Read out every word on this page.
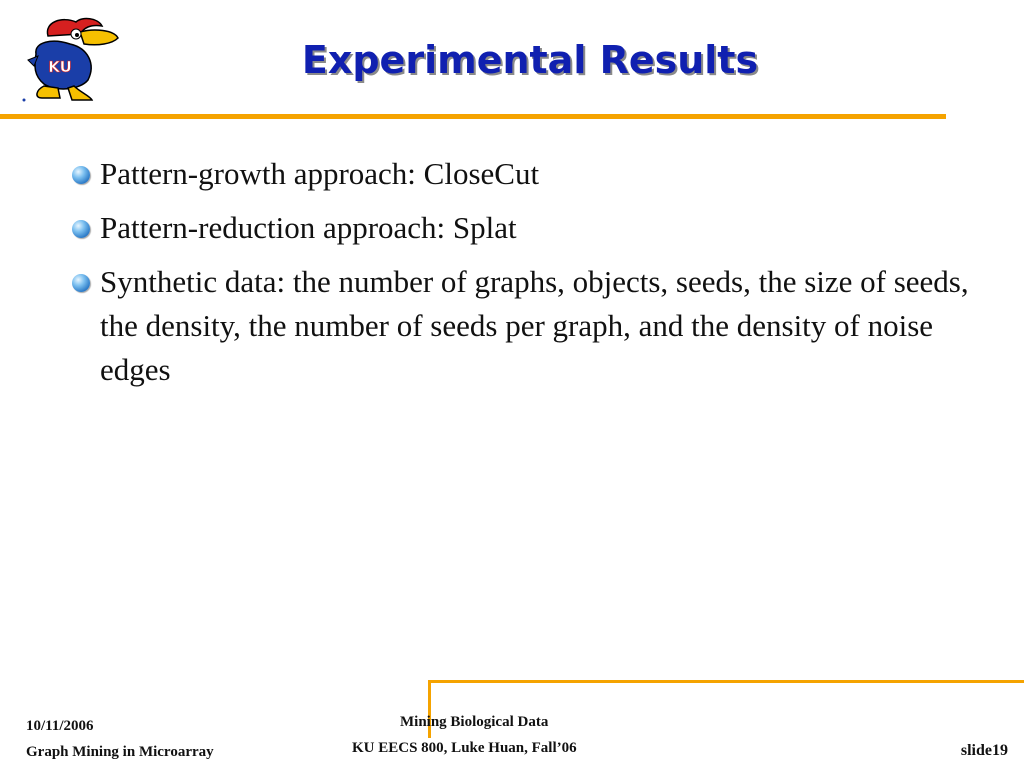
KU	Experimental Results
Pattern-growth approach: CloseCut
Pattern-reduction approach: Splat
Synthetic data: the number of graphs, objects, seeds, the size of seeds, the density, the number of seeds per graph, and the density of noise edges
10/11/2006
Graph Mining in Microarray
Mining Biological Data
KU EECS 800, Luke Huan, Fall’06	slide19
